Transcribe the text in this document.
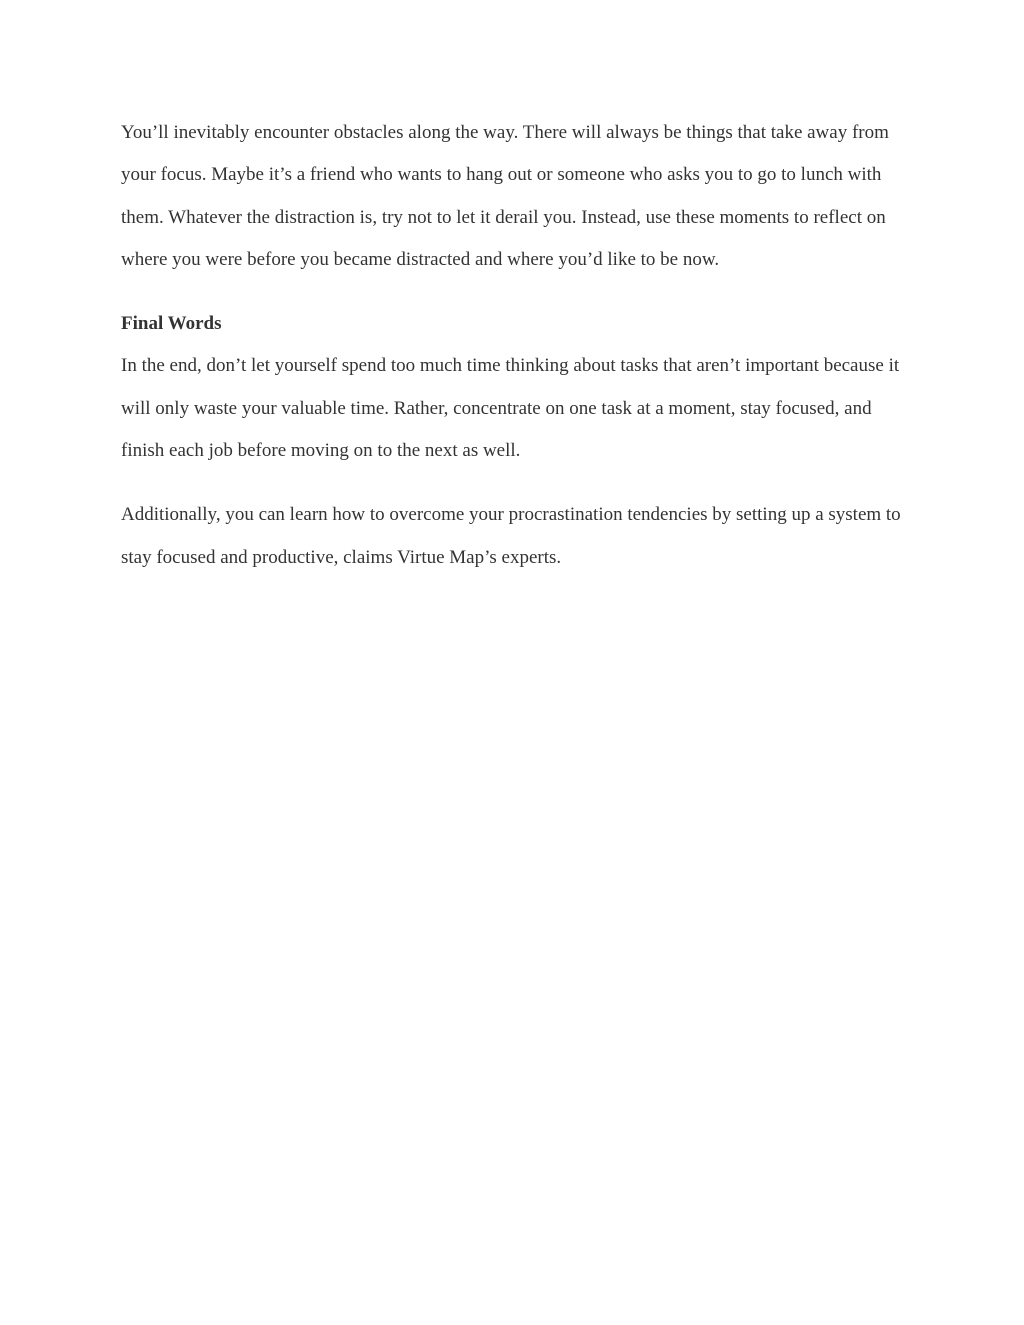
You’ll inevitably encounter obstacles along the way. There will always be things that take away from your focus. Maybe it’s a friend who wants to hang out or someone who asks you to go to lunch with them. Whatever the distraction is, try not to let it derail you. Instead, use these moments to reflect on where you were before you became distracted and where you’d like to be now.

Final Words

In the end, don’t let yourself spend too much time thinking about tasks that aren’t important because it will only waste your valuable time. Rather, concentrate on one task at a moment, stay focused, and finish each job before moving on to the next as well.

Additionally, you can learn how to overcome your procrastination tendencies by setting up a system to stay focused and productive, claims Virtue Map’s experts.
